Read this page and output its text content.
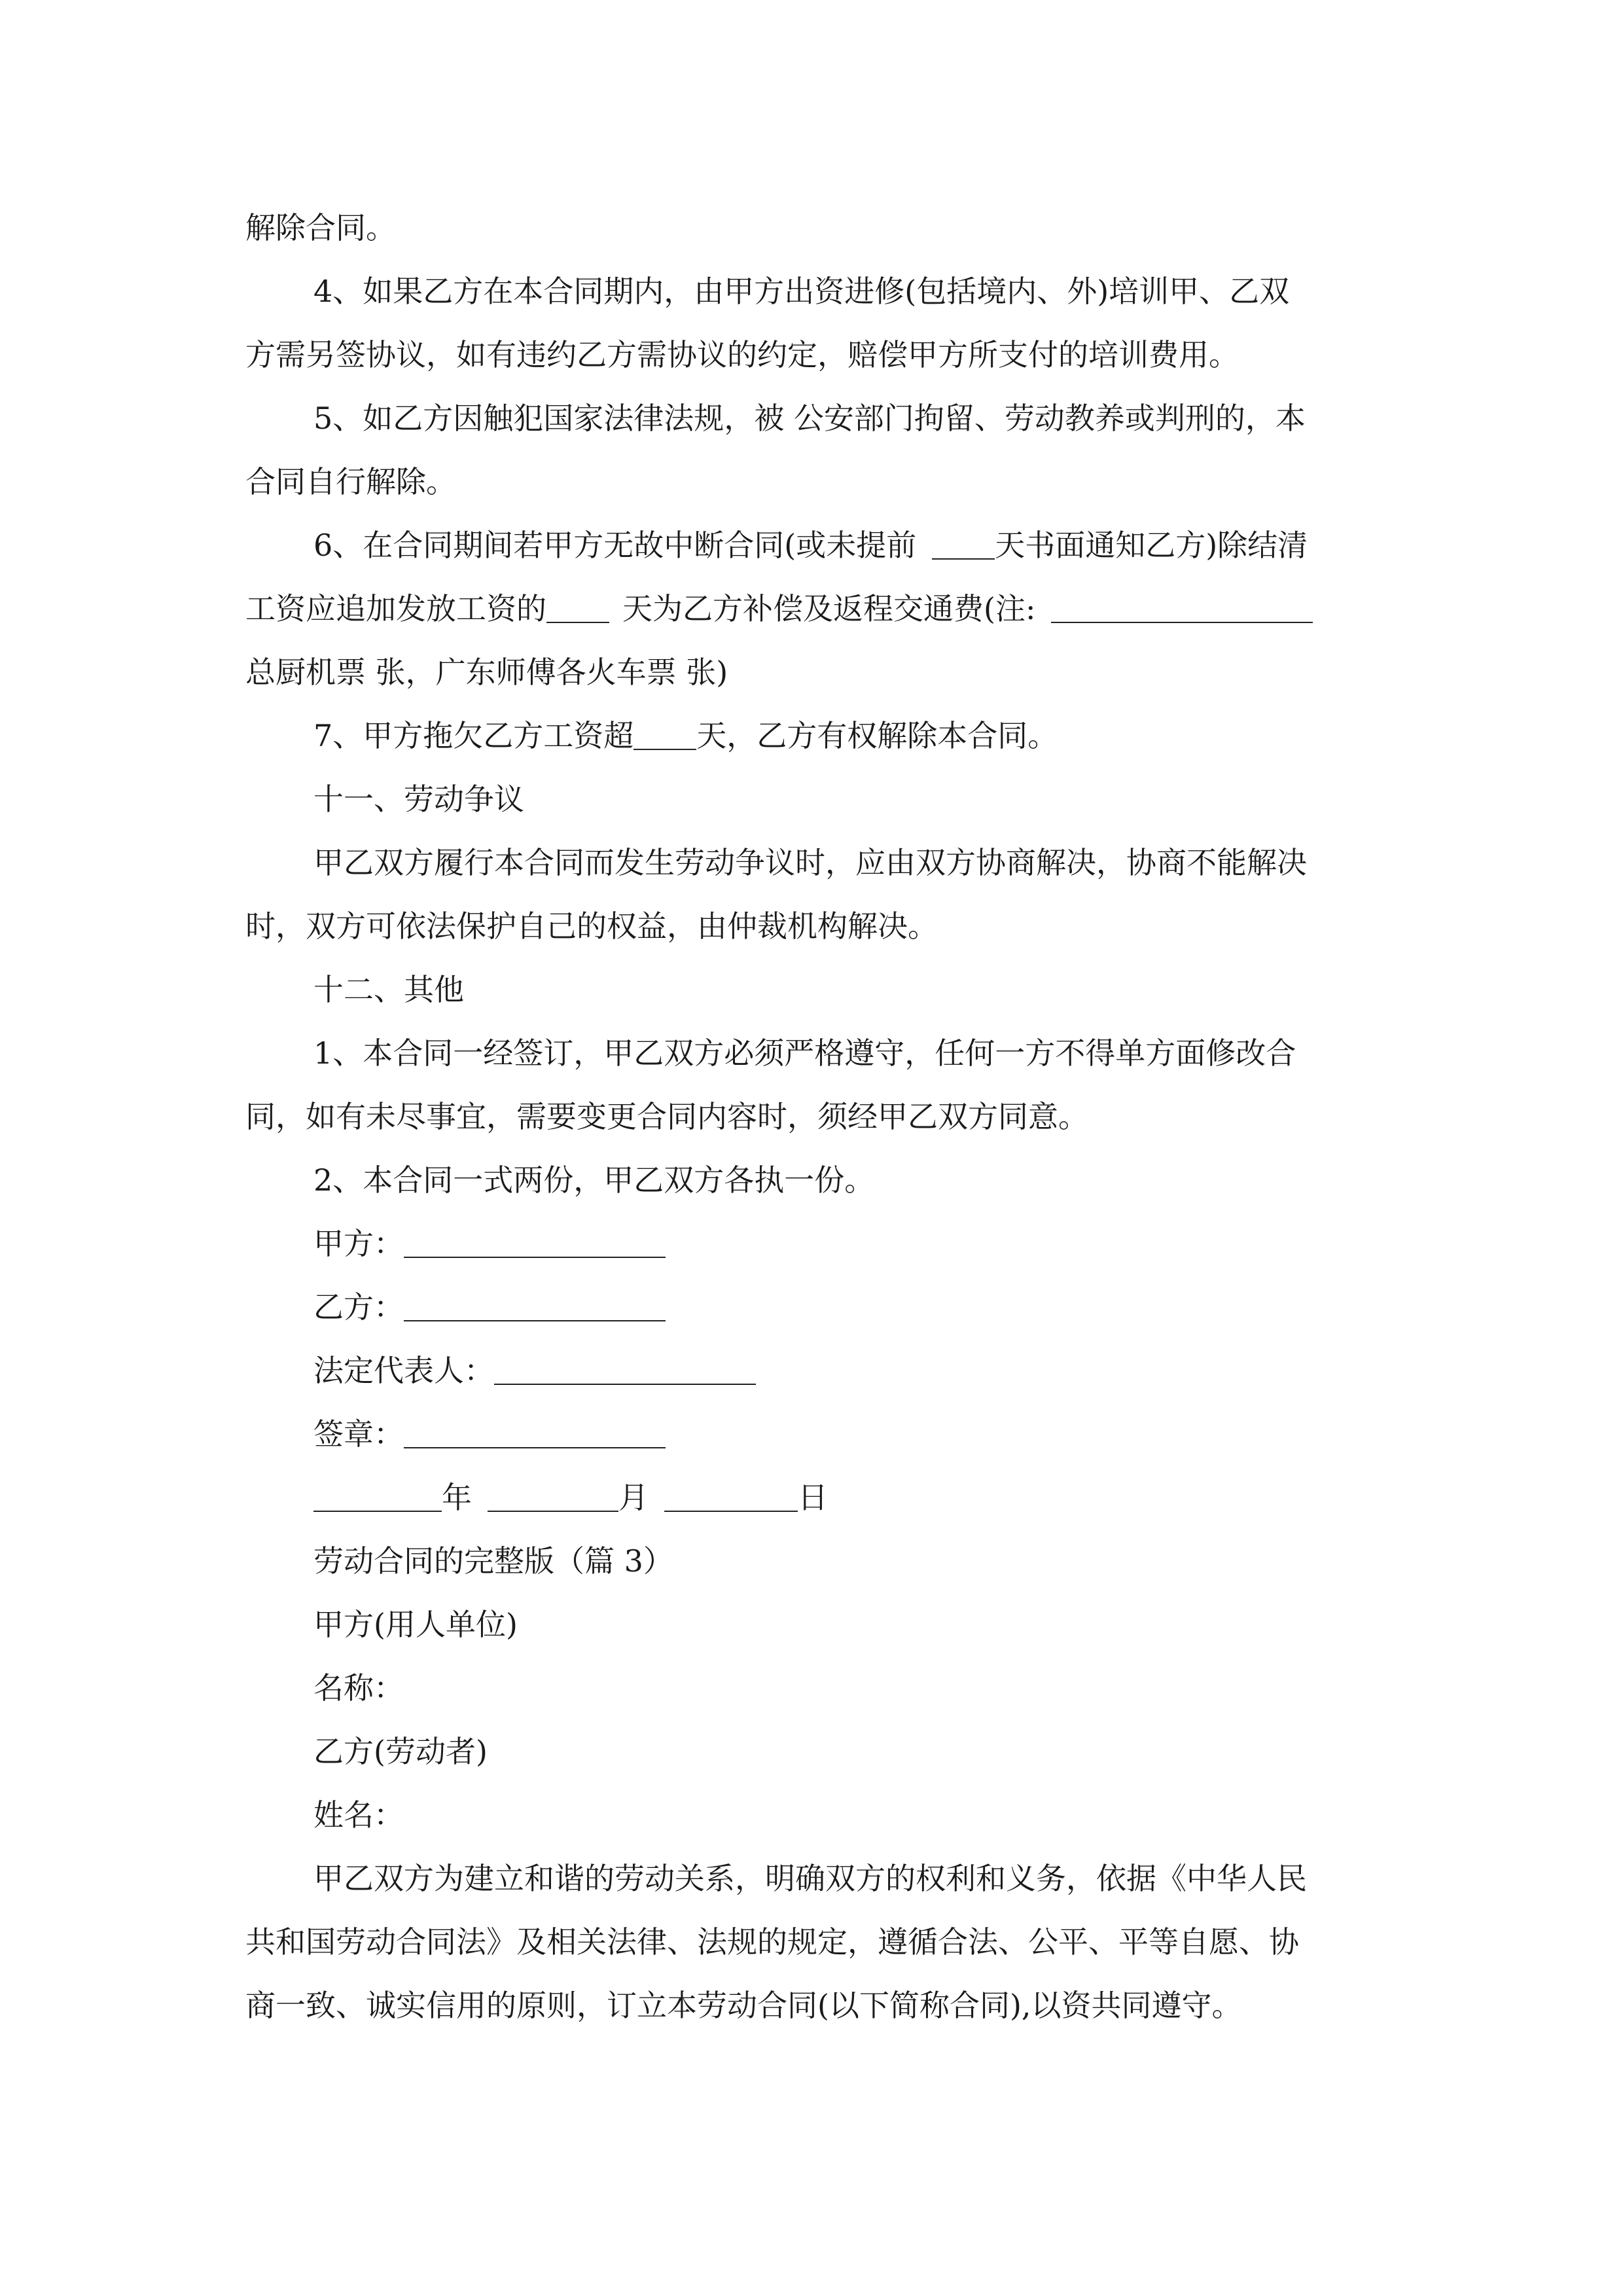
解除合同。
4、如果乙方在本合同期内，由甲方出资进修(包括境内、外)培训甲、乙双
方需另签协议，如有违约乙方需协议的约定，赔偿甲方所支付的培训费用。
5、如乙方因触犯国家法律法规，被 公安部门拘留、劳动教养或判刑的，本
合同自行解除。
6、在合同期间若甲方无故中断合同(或未提前	天书面通知乙方)除结清
工资应追加发放工资的	天为乙方补偿及返程交通费(注:
总厨机票 张，广东师傅各火车票 张)
7、甲方拖欠乙方工资超 天，乙方有权解除本合同。
十一、劳动争议
甲乙双方履行本合同而发生劳动争议时，应由双方协商解决，协商不能解决
时，双方可依法保护自己的权益，由仲裁机构解决。
十二、其他
1、本合同一经签订，甲乙双方必须严格遵守，任何一方不得单方面修改合
同，如有未尽事宜，需要变更合同内容时，须经甲乙双方同意。
2、本合同一式两份，甲乙双方各执一份。
甲方：
乙方：
法定代表人：
签章：
年	月	日
劳动合同的完整版（篇 3）
甲方(用人单位)
名称：
乙方(劳动者)
姓名：
甲乙双方为建立和谐的劳动关系，明确双方的权利和义务，依据《中华人民
共和国劳动合同法》及相关法律、法规的规定，遵循合法、公平、平等自愿、协
商一致、诚实信用的原则，订立本劳动合同(以下简称合同),以资共同遵守。
